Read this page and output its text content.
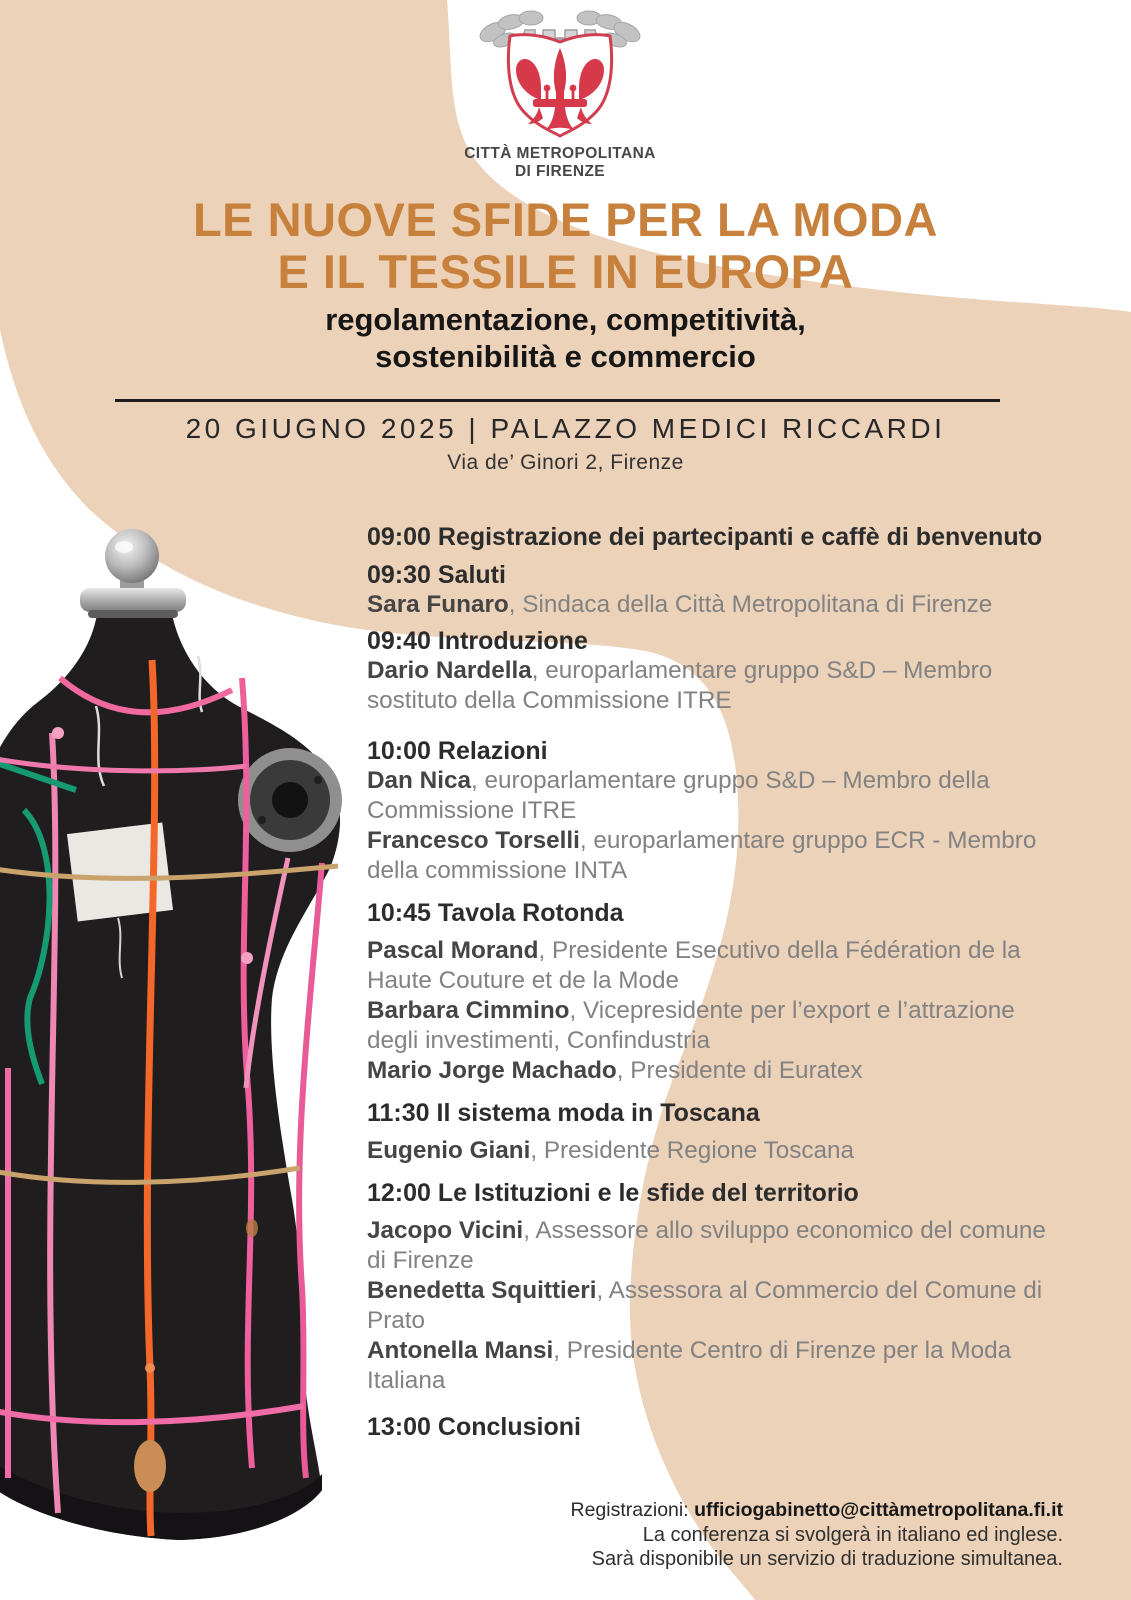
CITTÀ METROPOLITANA
DI FIRENZE
LE NUOVE SFIDE PER LA MODA
E IL TESSILE IN EUROPA
regolamentazione, competitività,
sostenibilità e commercio
20 GIUGNO 2025 | PALAZZO MEDICI RICCARDI
Via de’ Ginori 2, Firenze
09:00 Registrazione dei partecipanti e caffè di benvenuto
09:30 Saluti
Sara Funaro, Sindaca della Città Metropolitana di Firenze
09:40 Introduzione
Dario Nardella, europarlamentare gruppo S&D – Membro sostituto della Commissione ITRE
10:00 Relazioni
Dan Nica, europarlamentare gruppo S&D – Membro della Commissione ITRE
Francesco Torselli, europarlamentare gruppo ECR - Membro della commissione INTA
10:45 Tavola Rotonda
Pascal Morand, Presidente Esecutivo della Fédération de la Haute Couture et de la Mode
Barbara Cimmino, Vicepresidente per l’export e l’attrazione degli investimenti, Confindustria
Mario Jorge Machado, Presidente di Euratex
11:30 Il sistema moda in Toscana
Eugenio Giani, Presidente Regione Toscana
12:00 Le Istituzioni e le sfide del territorio
Jacopo Vicini, Assessore allo sviluppo economico del comune di Firenze
Benedetta Squittieri, Assessora al Commercio del Comune di Prato
Antonella Mansi, Presidente Centro di Firenze per la Moda Italiana
13:00 Conclusioni
Registrazioni: ufficiogabinetto@cittàmetropolitana.fi.it
La conferenza si svolgerà in italiano ed inglese.
Sarà disponibile un servizio di traduzione simultanea.
